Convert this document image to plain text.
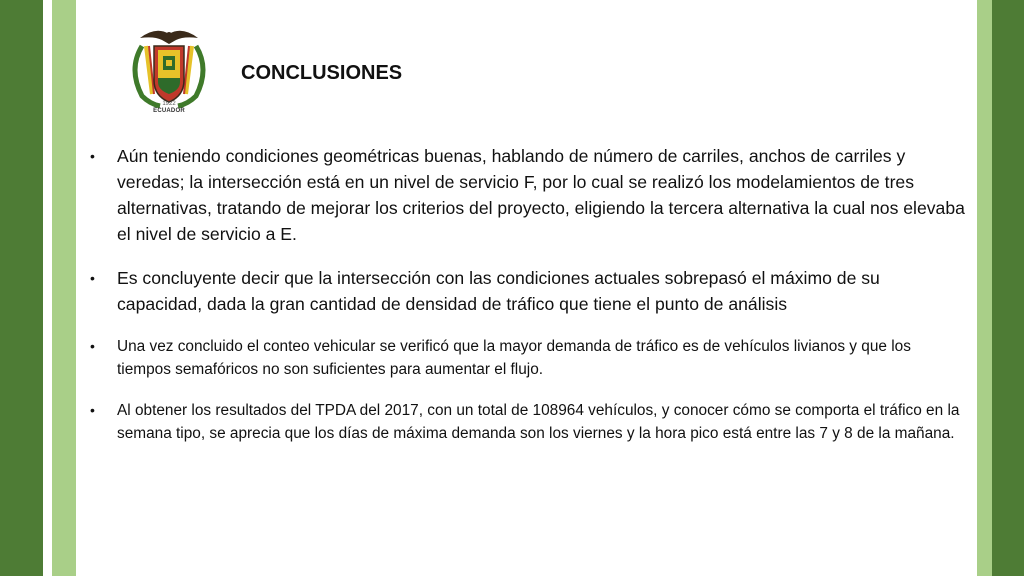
1922
ECUADOR
CONCLUSIONES
• Aún teniendo condiciones geométricas buenas, hablando de número de carriles, anchos de carriles y veredas; la intersección está en un nivel de servicio F, por lo cual se realizó los modelamientos de tres alternativas, tratando de mejorar los criterios del proyecto, eligiendo la tercera alternativa la cual nos elevaba el nivel de servicio a E.
• Es concluyente decir que la intersección con las condiciones actuales sobrepasó el máximo de su capacidad, dada la gran cantidad de densidad de tráfico que tiene el punto de análisis
• Una vez concluido el conteo vehicular se verificó que la mayor demanda de tráfico es de vehículos livianos y que los tiempos semafóricos no son suficientes para aumentar el flujo.
• Al obtener los resultados del TPDA del 2017, con un total de 108964 vehículos, y conocer cómo se comporta el tráfico en la semana tipo, se aprecia que los días de máxima demanda son los viernes y la hora pico está entre las 7 y 8 de la mañana.
